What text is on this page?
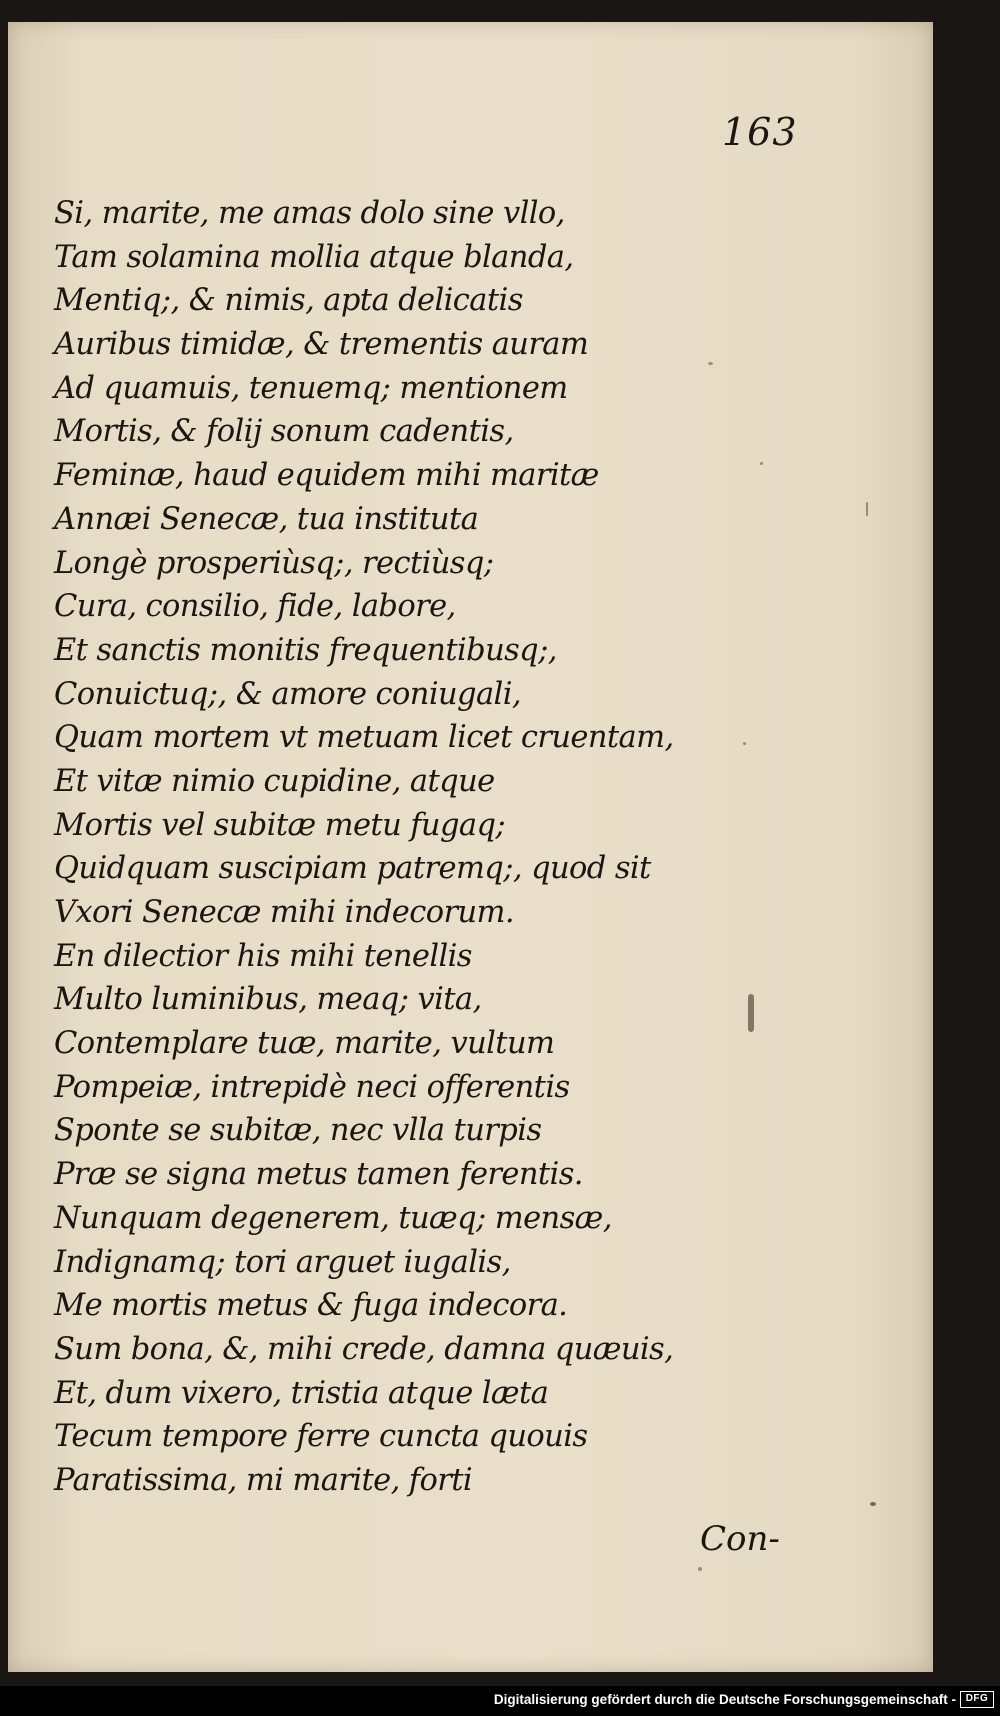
163
Si, marite, me amas dolo sine vllo,
Tam solamina mollia atque blanda,
Mentiq;, & nimis, apta delicatis
Auribus timidæ, & trementis auram
Ad quamuis, tenuemq; mentionem
Mortis, & folij sonum cadentis,
Feminæ, haud equidem mihi maritæ
Annæi Senecæ, tua instituta
Longè prosperiùsq;, rectiùsq;
Cura, consilio, fide, labore,
Et sanctis monitis frequentibusq;,
Conuictuq;, & amore coniugali,
Quam mortem vt metuam licet cruentam,
Et vitæ nimio cupidine, atque
Mortis vel subitæ metu fugaq;
Quidquam suscipiam patremq;, quod sit
Vxori Senecæ mihi indecorum.
En dilectior his mihi tenellis
Multo luminibus, meaq; vita,
Contemplare tuæ, marite, vultum
Pompeiæ, intrepidè neci offerentis
Sponte se subitæ, nec vlla turpis
Præ se signa metus tamen ferentis.
Nunquam degenerem, tuæq; mensæ,
Indignamq; tori arguet iugalis,
Me mortis metus & fuga indecora.
Sum bona, &, mihi crede, damna quæuis,
Et, dum vixero, tristia atque læta
Tecum tempore ferre cuncta quouis
Paratissima, mi marite, forti
Con-
Digitalisierung gefördert durch die Deutsche Forschungsgemeinschaft - DFG
